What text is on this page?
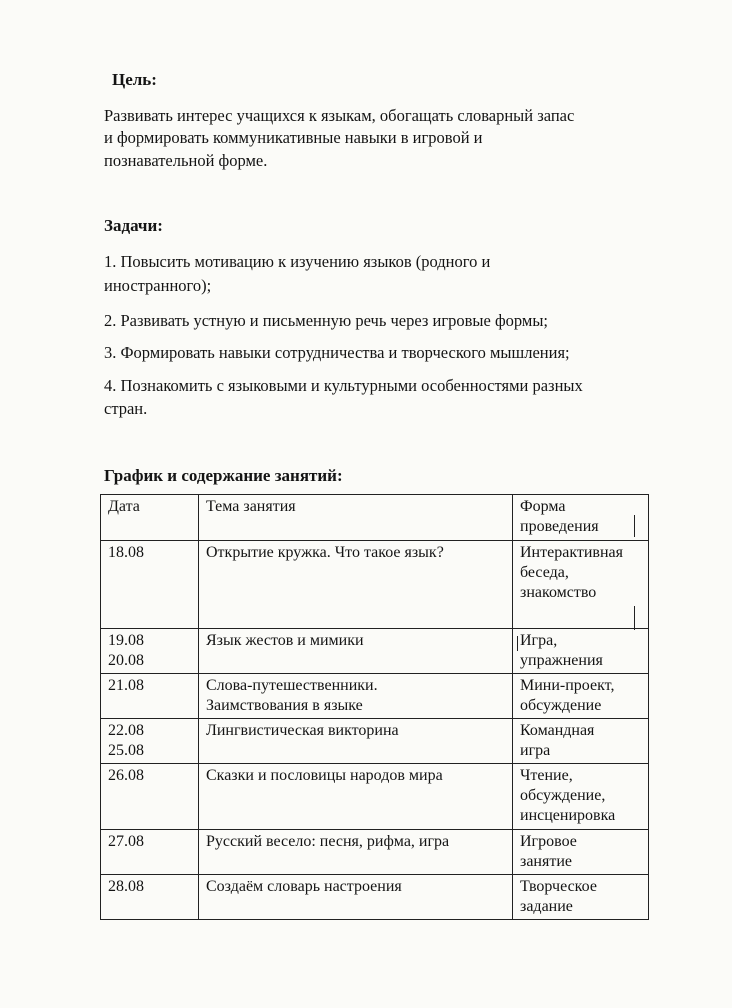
Цель:
Развивать интерес учащихся к языкам, обогащать словарный запас
и формировать коммуникативные навыки в игровой и
познавательной форме.
Задачи:
1. Повысить мотивацию к изучению языков (родного и
иностранного);
2. Развивать устную и письменную речь через игровые формы;
3. Формировать навыки сотрудничества и творческого мышления;
4. Познакомить с языковыми и культурными особенностями разных
стран.
График и содержание занятий:
Дата	Тема занятия	Форма
проведения
18.08	Открытие кружка. Что такое язык?	Интерактивная
беседа,
знакомство
19.08
20.08	Язык жестов и мимики	Игра,
упражнения
21.08	Слова-путешественники.
Заимствования в языке	Мини-проект,
обсуждение
22.08
25.08	Лингвистическая викторина	Командная
игра
26.08	Сказки и пословицы народов мира	Чтение,
обсуждение,
инсценировка
27.08	Русский весело: песня, рифма, игра	Игровое
занятие
28.08	Создаём словарь настроения	Творческое
задание
